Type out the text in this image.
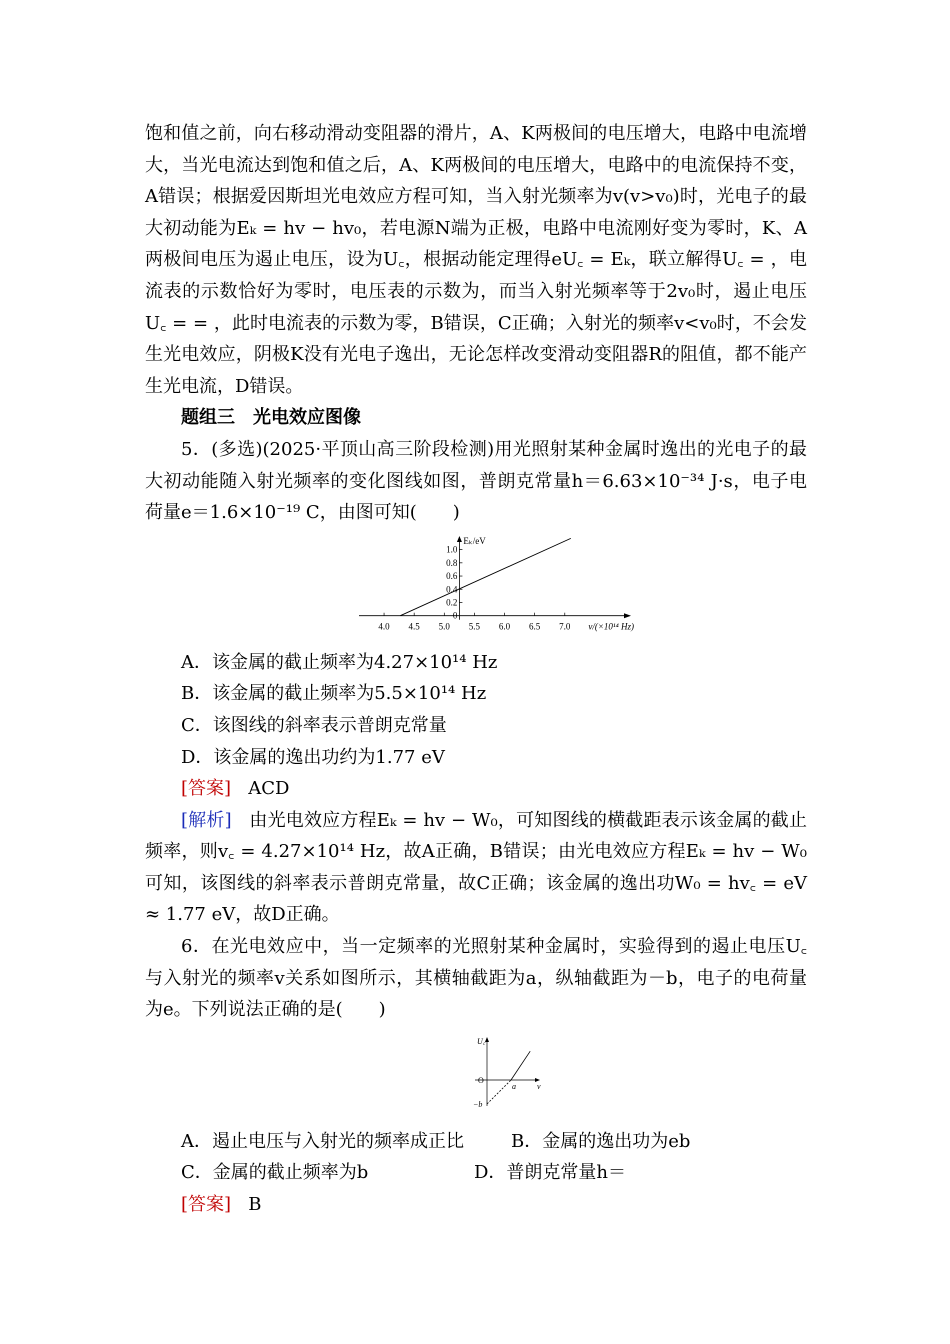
饱和值之前，向右移动滑动变阻器的滑片，A、K两极间的电压增大，电路中电流增大，当光电流达到饱和值之后，A、K两极间的电压增大，电路中的电流保持不变，A错误；根据爱因斯坦光电效应方程可知，当入射光频率为v(v>v₀)时，光电子的最大初动能为Eₖ = hv − hv₀，若电源N端为正极，电路中电流刚好变为零时，K、A两极间电压为遏止电压，设为U꜀，根据动能定理得eU꜀ = Eₖ，联立解得U꜀ = ，电流表的示数恰好为零时，电压表的示数为，而当入射光频率等于2v₀时，遏止电压U꜀ = = ，此时电流表的示数为零，B错误，C正确；入射光的频率v<v₀时，不会发生光电效应，阴极K没有光电子逸出，无论怎样改变滑动变阻器R的阻值，都不能产生光电流，D错误。

题组三　光电效应图像

5．(多选)(2025·平顶山高三阶段检测)用光照射某种金属时逸出的光电子的最大初动能随入射光频率的变化图线如图，普朗克常量h＝6.63×10⁻³⁴ J·s，电子电荷量e＝1.6×10⁻¹⁹ C，由图可知(　　)

4.0 4.5 5.0 5.5 6.0 6.5 7.0
0
0.2
0.4
0.6
0.8
1.0
Eₖ/eV
ν/(×10¹⁴ Hz)

A．该金属的截止频率为4.27×10¹⁴ Hz

B．该金属的截止频率为5.5×10¹⁴ Hz

C．该图线的斜率表示普朗克常量

D．该金属的逸出功约为1.77 eV

[答案] ACD

[解析] 由光电效应方程Eₖ = hv − W₀，可知图线的横截距表示该金属的截止频率，则v꜀ = 4.27×10¹⁴ Hz，故A正确，B错误；由光电效应方程Eₖ = hv − W₀可知，该图线的斜率表示普朗克常量，故C正确；该金属的逸出功W₀ = hv꜀ = eV ≈ 1.77 eV，故D正确。

6．在光电效应中，当一定频率的光照射某种金属时，实验得到的遏止电压U꜀与入射光的频率v关系如图所示，其横轴截距为a，纵轴截距为－b，电子的电荷量为e。下列说法正确的是(　　)

U꜀
ν
O
a
−b
A．遏止电压与入射光的频率成正比	B．金属的逸出功为eb
C．金属的截止频率为b	D．普朗克常量h＝

[答案] B
